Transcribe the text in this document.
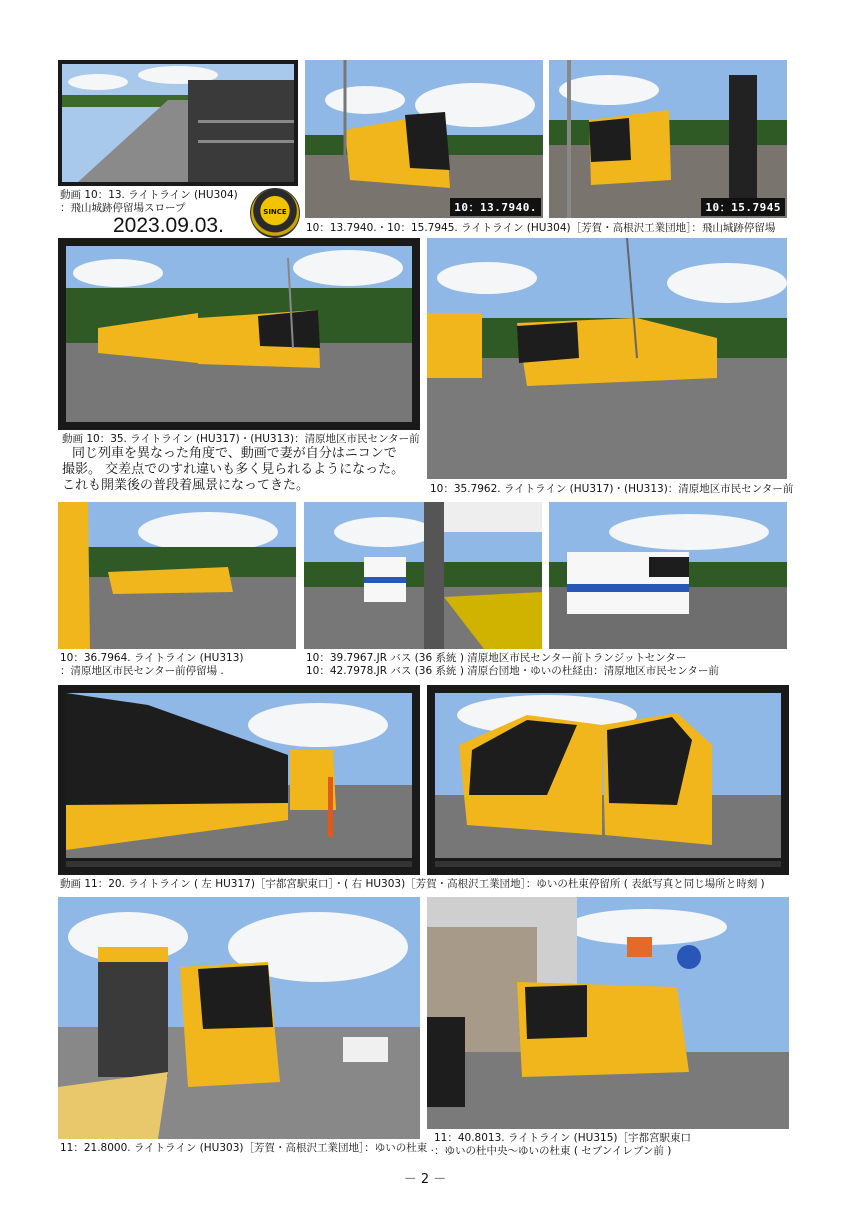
10：13.7940.	10：15.7945
動画 10：13. ライトライン (HU304)
：飛山城跡停留場スロープ
2023.09.03.
SINCE
10：13.7940.・10：15.7945. ライトライン (HU304)［芳賀・高根沢工業団地］：飛山城跡停留場
動画 10：35. ライトライン (HU317)・(HU313)：清原地区市民センター前
同じ列車を異なった角度で、動画で妻が自分はニコンで
撮影。 交差点でのすれ違いも多く見られるようになった。
これも開業後の普段着風景になってきた。	10：35.7962. ライトライン (HU317)・(HU313)：清原地区市民センター前
10：36.7964. ライトライン (HU313)
：清原地区市民センター前停留場 .
10：39.7967.JR バス (36 系統 ) 清原地区市民センター前トランジットセンター
10：42.7978.JR バス (36 系統 ) 清原台団地・ゆいの杜経由：清原地区市民センター前
動画 11：20. ライトライン ( 左 HU317)［宇都宮駅東口］・( 右 HU303)［芳賀・高根沢工業団地］：ゆいの杜東停留所 ( 表紙写真と同じ場所と時刻 )
11：21.8000. ライトライン (HU303)［芳賀・高根沢工業団地］：ゆいの杜東 .
11：40.8013. ライトライン (HU315)［宇都宮駅東口
：ゆいの杜中央～ゆいの杜東 ( セブンイレブン前 )
－ 2 －
